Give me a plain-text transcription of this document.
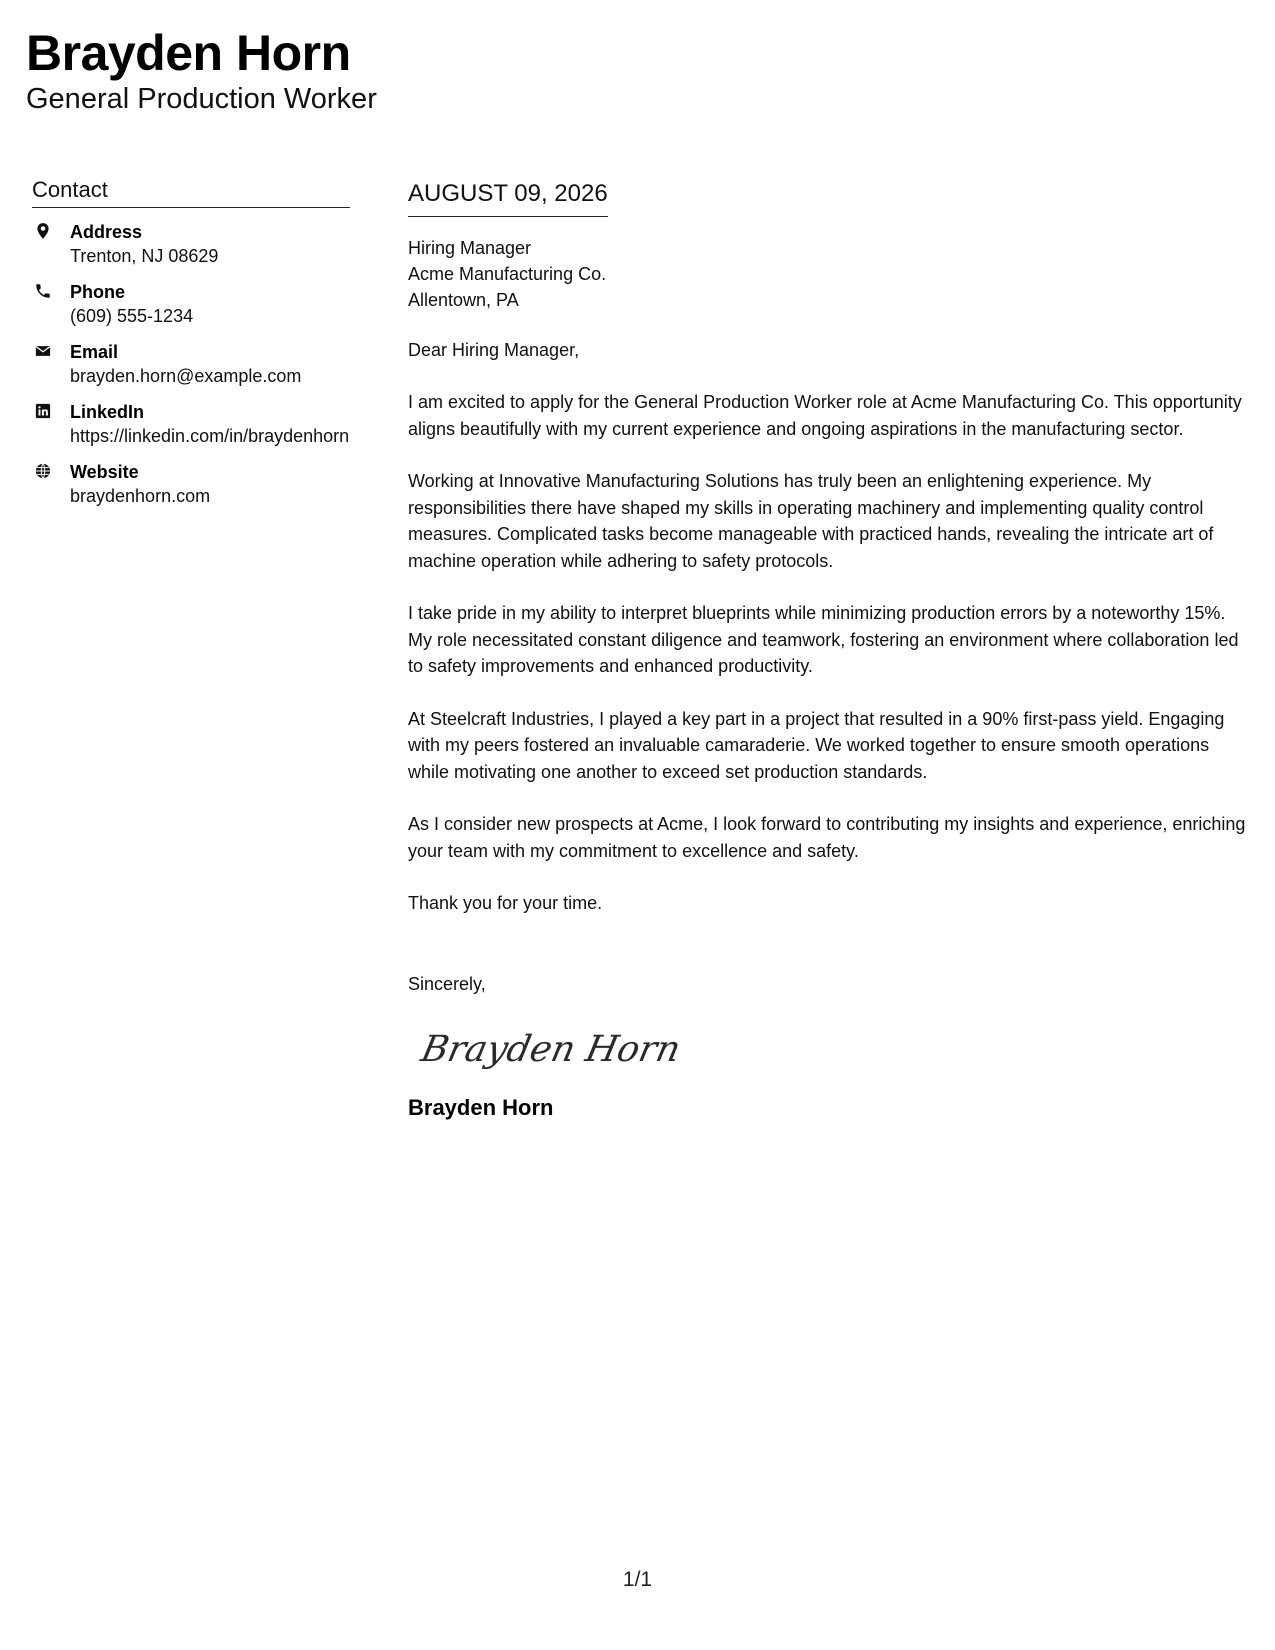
Brayden Horn
General Production Worker
Contact
Address
Trenton, NJ 08629
Phone
(609) 555-1234
Email
brayden.horn@example.com
LinkedIn
https://linkedin.com/in/braydenhorn
Website
braydenhorn.com
AUGUST 09, 2026
Hiring Manager
Acme Manufacturing Co.
Allentown, PA
Dear Hiring Manager,
I am excited to apply for the General Production Worker role at Acme Manufacturing Co. This opportunity aligns beautifully with my current experience and ongoing aspirations in the manufacturing sector.
Working at Innovative Manufacturing Solutions has truly been an enlightening experience. My responsibilities there have shaped my skills in operating machinery and implementing quality control measures. Complicated tasks become manageable with practiced hands, revealing the intricate art of machine operation while adhering to safety protocols.
I take pride in my ability to interpret blueprints while minimizing production errors by a noteworthy 15%. My role necessitated constant diligence and teamwork, fostering an environment where collaboration led to safety improvements and enhanced productivity.
At Steelcraft Industries, I played a key part in a project that resulted in a 90% first-pass yield. Engaging with my peers fostered an invaluable camaraderie. We worked together to ensure smooth operations while motivating one another to exceed set production standards.
As I consider new prospects at Acme, I look forward to contributing my insights and experience, enriching your team with my commitment to excellence and safety.
Thank you for your time.
Sincerely,
Brayden Horn
Brayden Horn
1/1
